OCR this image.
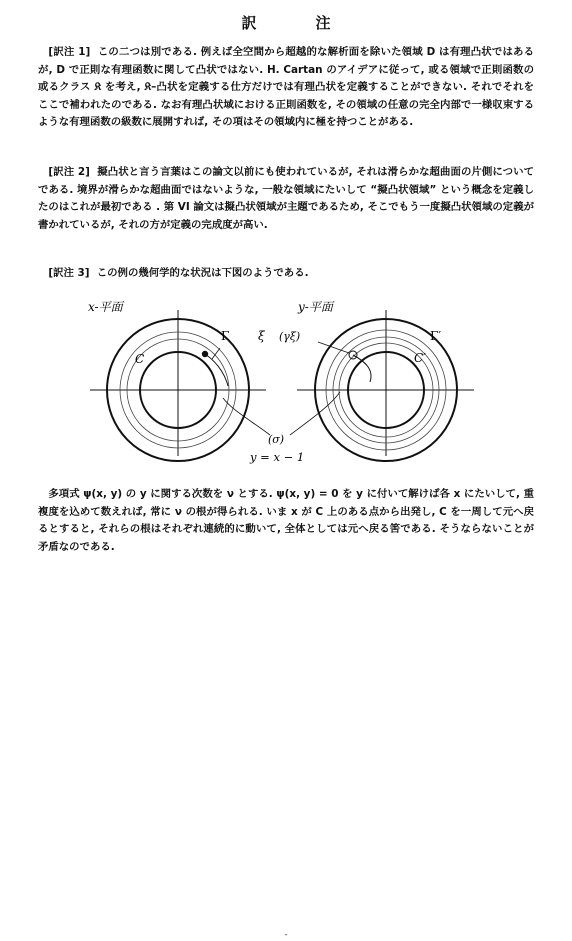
訳　注

[訳注 1] この二つは別である. 例えば全空間から超越的な解析面を除いた領域 D は有理凸状ではあるが, D で正則な有理函数に関して凸状ではない. H. Cartan のアイデアに従って, 或る領域で正則函数の或るクラス 𝔎 を考え, 𝔎–凸状を定義する仕方だけでは有理凸状を定義することができない. それでそれをここで補われたのである. なお有理凸状域における正則函数を, その領域の任意の完全内部で一様収束するような有理函数の級数に展開すれば, その項はその領域内に極を持つことがある.

[訳注 2] 擬凸状と言う言葉はこの論文以前にも使われているが, それは滑らかな超曲面の片側についてである. 境界が滑らかな超曲面ではないような, 一般な領域にたいして “擬凸状領域” という概念を定義したのはこれが最初である . 第 VI 論文は擬凸状領域が主題であるため, そこでもう一度擬凸状領域の定義が書かれているが, それの方が定義の完成度が高い.

[訳注 3] この例の幾何学的な状況は下図のようである.

x-平面
Γ ξ
C
y-平面
(γξ)	Γ′
C′
(σ)
y = x − 1

多項式 ψ(x, y) の y に関する次数を ν とする. ψ(x, y) = 0 を y に付いて解けば各 x にたいして, 重複度を込めて数えれば, 常に ν の根が得られる. いま x が C 上のある点から出発し, C を一周して元へ戻るとすると, それらの根はそれぞれ連続的に動いて, 全体としては元へ戻る筈である. そうならないことが矛盾なのである.

-
